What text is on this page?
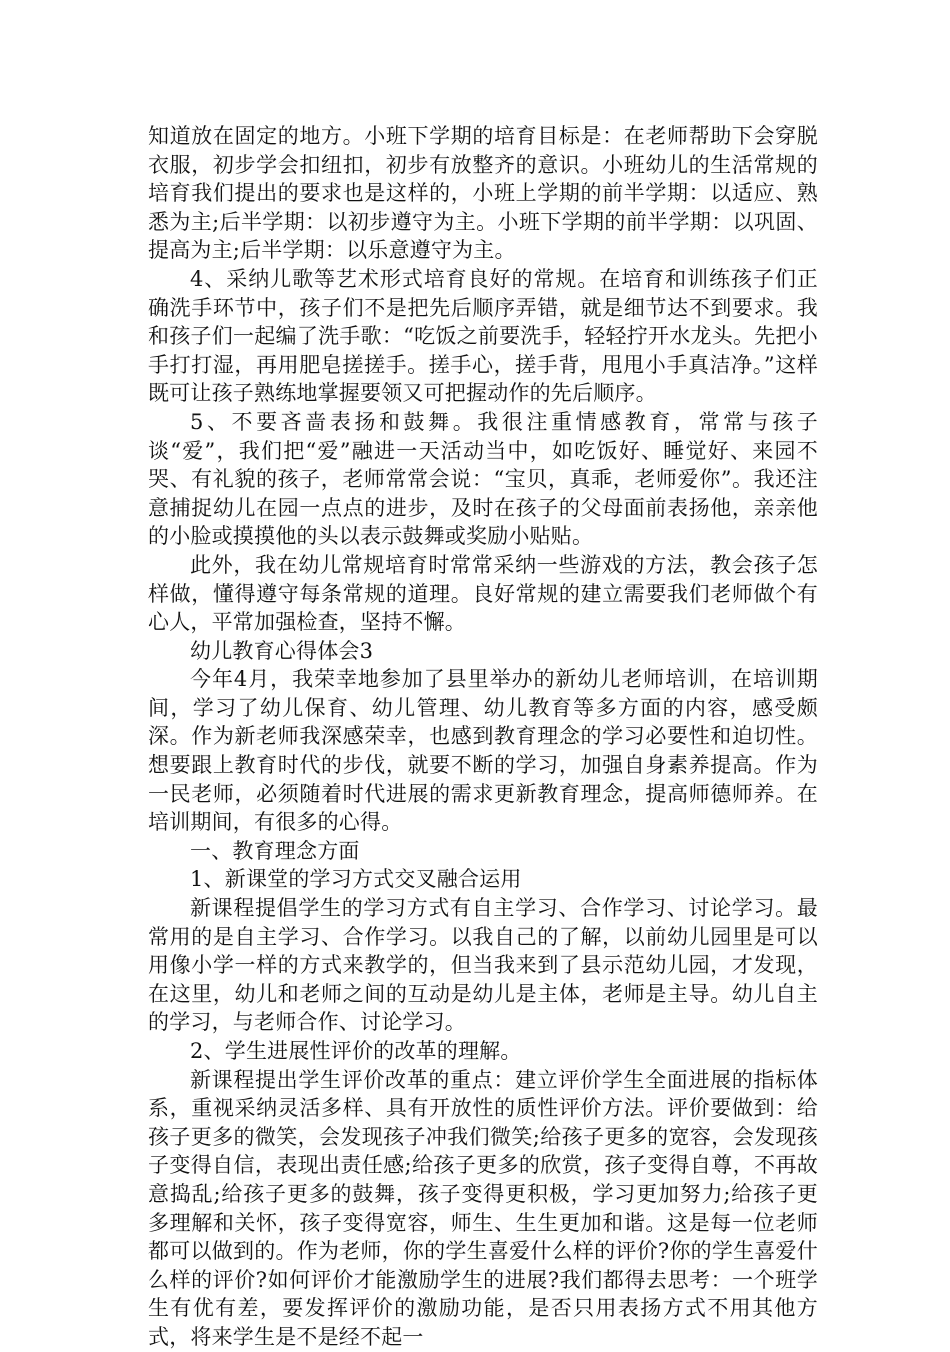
知道放在固定的地方。小班下学期的培育目标是：在老师帮助下会穿脱衣服，初步学会扣纽扣，初步有放整齐的意识。小班幼儿的生活常规的培育我们提出的要求也是这样的，小班上学期的前半学期：以适应、熟悉为主;后半学期：以初步遵守为主。小班下学期的前半学期：以巩固、提高为主;后半学期：以乐意遵守为主。

4、采纳儿歌等艺术形式培育良好的常规。在培育和训练孩子们正确洗手环节中，孩子们不是把先后顺序弄错，就是细节达不到要求。我和孩子们一起编了洗手歌：“吃饭之前要洗手，轻轻拧开水龙头。先把小手打打湿，再用肥皂搓搓手。搓手心，搓手背，甩甩小手真洁净。”这样既可让孩子熟练地掌握要领又可把握动作的先后顺序。

5、不要吝啬表扬和鼓舞。我很注重情感教育，常常与孩子谈“爱”，我们把“爱”融进一天活动当中，如吃饭好、睡觉好、来园不哭、有礼貌的孩子，老师常常会说：“宝贝，真乖，老师爱你”。我还注意捕捉幼儿在园一点点的进步，及时在孩子的父母面前表扬他，亲亲他的小脸或摸摸他的头以表示鼓舞或奖励小贴贴。

此外，我在幼儿常规培育时常常采纳一些游戏的方法，教会孩子怎样做，懂得遵守每条常规的道理。良好常规的建立需要我们老师做个有心人，平常加强检查，坚持不懈。

幼儿教育心得体会3

今年4月，我荣幸地参加了县里举办的新幼儿老师培训，在培训期间，学习了幼儿保育、幼儿管理、幼儿教育等多方面的内容，感受颇深。作为新老师我深感荣幸，也感到教育理念的学习必要性和迫切性。想要跟上教育时代的步伐，就要不断的学习，加强自身素养提高。作为一民老师，必须随着时代进展的需求更新教育理念，提高师德师养。在培训期间，有很多的心得。

一、教育理念方面

1、新课堂的学习方式交叉融合运用

新课程提倡学生的学习方式有自主学习、合作学习、讨论学习。最常用的是自主学习、合作学习。以我自己的了解，以前幼儿园里是可以用像小学一样的方式来教学的，但当我来到了县示范幼儿园，才发现，在这里，幼儿和老师之间的互动是幼儿是主体，老师是主导。幼儿自主的学习，与老师合作、讨论学习。

2、学生进展性评价的改革的理解。

新课程提出学生评价改革的重点：建立评价学生全面进展的指标体系，重视采纳灵活多样、具有开放性的质性评价方法。评价要做到：给孩子更多的微笑，会发现孩子冲我们微笑;给孩子更多的宽容，会发现孩子变得自信，表现出责任感;给孩子更多的欣赏，孩子变得自尊，不再故意捣乱;给孩子更多的鼓舞，孩子变得更积极，学习更加努力;给孩子更多理解和关怀，孩子变得宽容，师生、生生更加和谐。这是每一位老师都可以做到的。作为老师，你的学生喜爱什么样的评价?你的学生喜爱什么样的评价?如何评价才能激励学生的进展?我们都得去思考：一个班学生有优有差，要发挥评价的激励功能，是否只用表扬方式不用其他方式，将来学生是不是经不起一
